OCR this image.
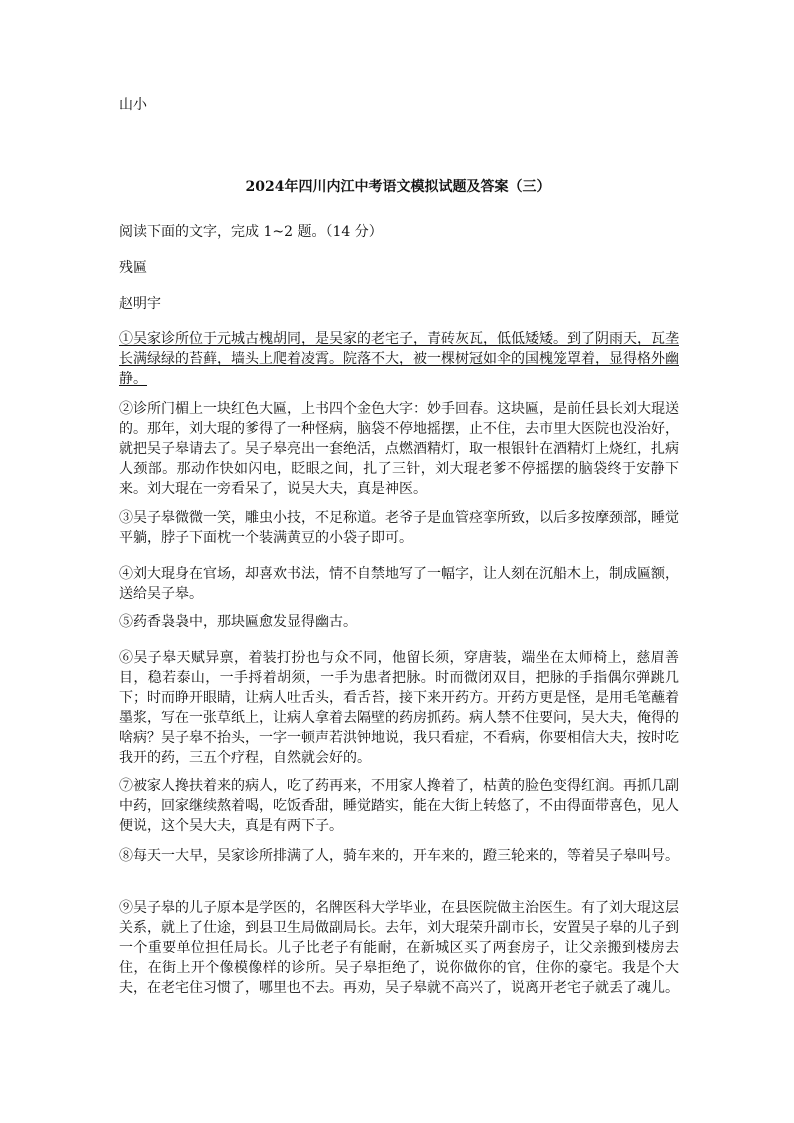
山小
2024年四川内江中考语文模拟试题及答案（三）
阅读下面的文字，完成 1~2 题。（14 分）
残匾
赵明宇
①吴家诊所位于元城古槐胡同，是吴家的老宅子，青砖灰瓦，低低矮矮。到了阴雨天，瓦垄长满绿绿的苔藓，墙头上爬着凌霄。院落不大，被一棵树冠如伞的国槐笼罩着，显得格外幽静。
②诊所门楣上一块红色大匾，上书四个金色大字：妙手回春。这块匾，是前任县长刘大琨送的。那年，刘大琨的爹得了一种怪病，脑袋不停地摇摆，止不住，去市里大医院也没治好，就把吴子皋请去了。吴子皋亮出一套绝活，点燃酒精灯，取一根银针在酒精灯上烧红，扎病人颈部。那动作快如闪电，眨眼之间，扎了三针，刘大琨老爹不停摇摆的脑袋终于安静下来。刘大琨在一旁看呆了，说吴大夫，真是神医。
③吴子皋微微一笑，雕虫小技，不足称道。老爷子是血管痉挛所致，以后多按摩颈部，睡觉平躺，脖子下面枕一个装满黄豆的小袋子即可。
④刘大琨身在官场，却喜欢书法，情不自禁地写了一幅字，让人刻在沉船木上，制成匾额，送给吴子皋。
⑤药香袅袅中，那块匾愈发显得幽古。
⑥吴子皋天赋异禀，着装打扮也与众不同，他留长须，穿唐装，端坐在太师椅上，慈眉善目，稳若泰山，一手捋着胡须，一手为患者把脉。时而微闭双目，把脉的手指偶尔弹跳几下；时而睁开眼睛，让病人吐舌头，看舌苔，接下来开药方。开药方更是怪，是用毛笔蘸着墨浆，写在一张草纸上，让病人拿着去隔壁的药房抓药。病人禁不住要问，吴大夫，俺得的啥病？吴子皋不抬头，一字一顿声若洪钟地说，我只看症，不看病，你要相信大夫，按时吃我开的药，三五个疗程，自然就会好的。
⑦被家人搀扶着来的病人，吃了药再来，不用家人搀着了，枯黄的脸色变得红润。再抓几副中药，回家继续熬着喝，吃饭香甜，睡觉踏实，能在大街上转悠了，不由得面带喜色，见人便说，这个吴大夫，真是有两下子。
⑧每天一大早，吴家诊所排满了人，骑车来的，开车来的，蹬三轮来的，等着吴子皋叫号。
⑨吴子皋的儿子原本是学医的，名牌医科大学毕业，在县医院做主治医生。有了刘大琨这层关系，就上了仕途，到县卫生局做副局长。去年，刘大琨荣升副市长，安置吴子皋的儿子到一个重要单位担任局长。儿子比老子有能耐，在新城区买了两套房子，让父亲搬到楼房去住，在街上开个像模像样的诊所。吴子皋拒绝了，说你做你的官，住你的豪宅。我是个大夫，在老宅住习惯了，哪里也不去。再劝，吴子皋就不高兴了，说离开老宅子就丢了魂儿。
